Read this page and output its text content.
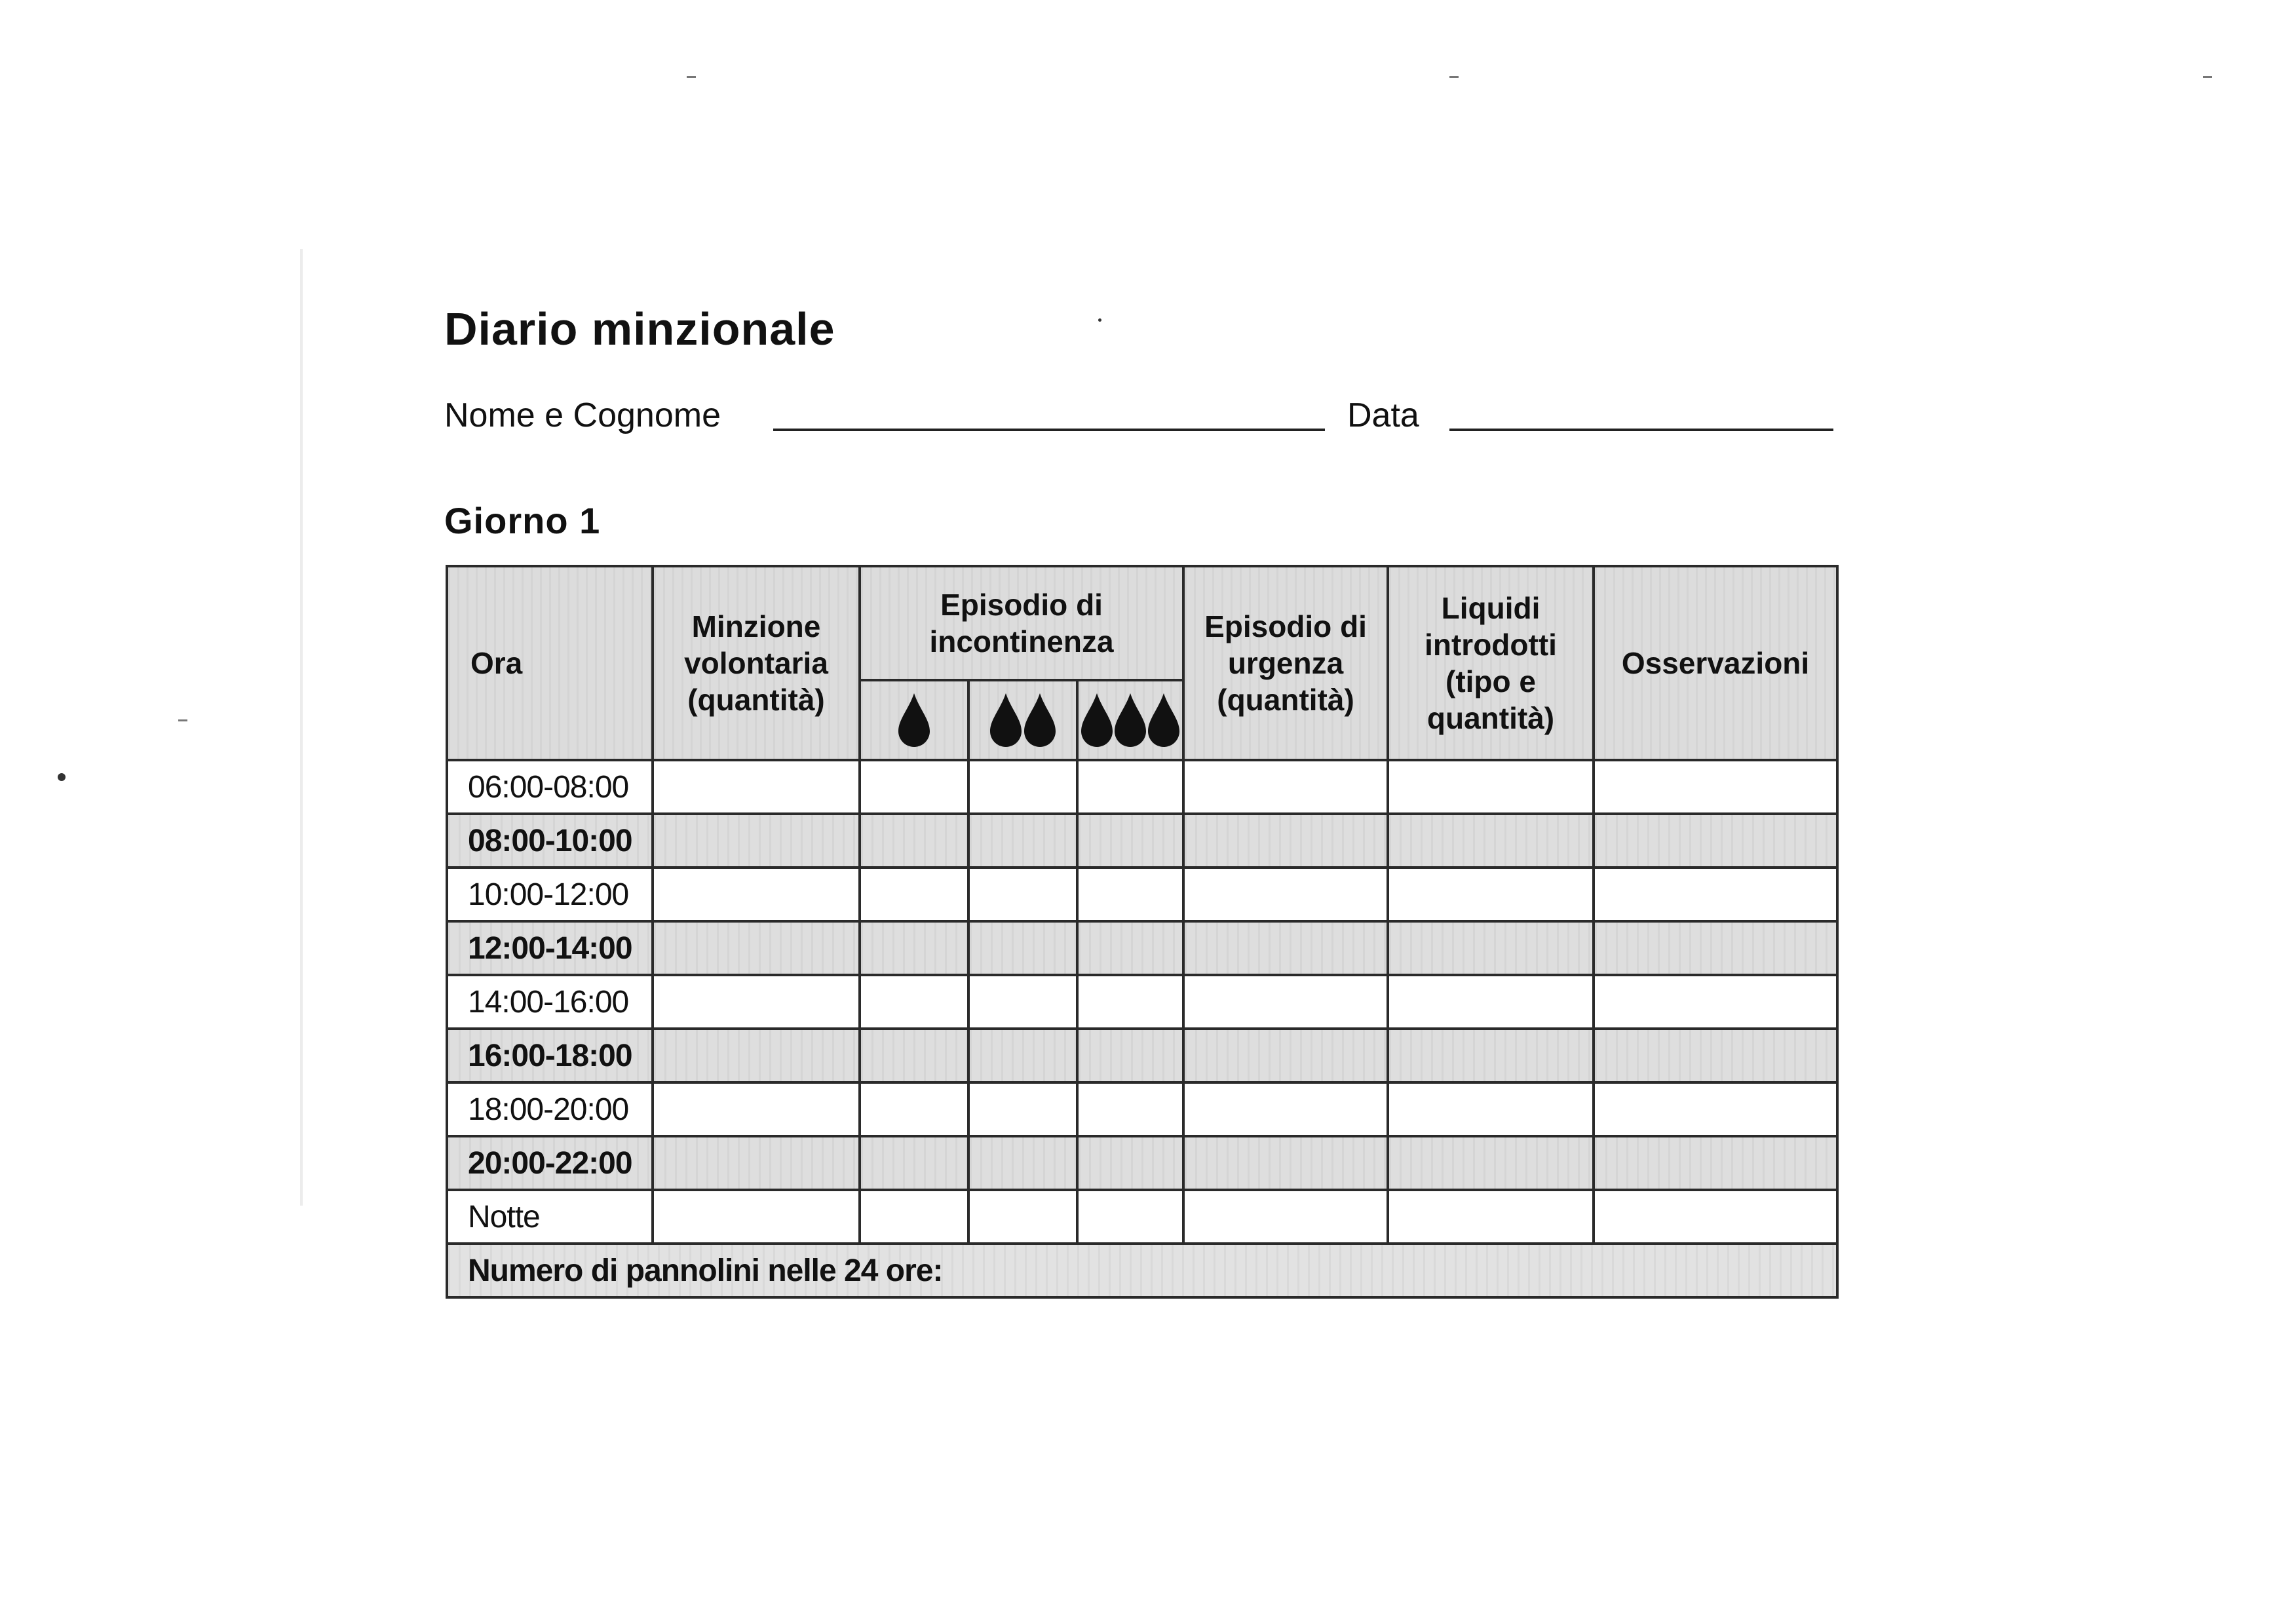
Diario minzionale
Nome e Cognome	Data
Giorno 1
Ora	Minzione volontaria (quantità)	Episodio di incontinenza			Episodio di urgenza (quantità)	Liquidi introdotti (tipo e quantità)	Osservazioni

06:00-08:00							
08:00-10:00							
10:00-12:00							
12:00-14:00							
14:00-16:00							
16:00-18:00							
18:00-20:00							
20:00-22:00							
Notte							
Numero di pannolini nelle 24 ore:							
